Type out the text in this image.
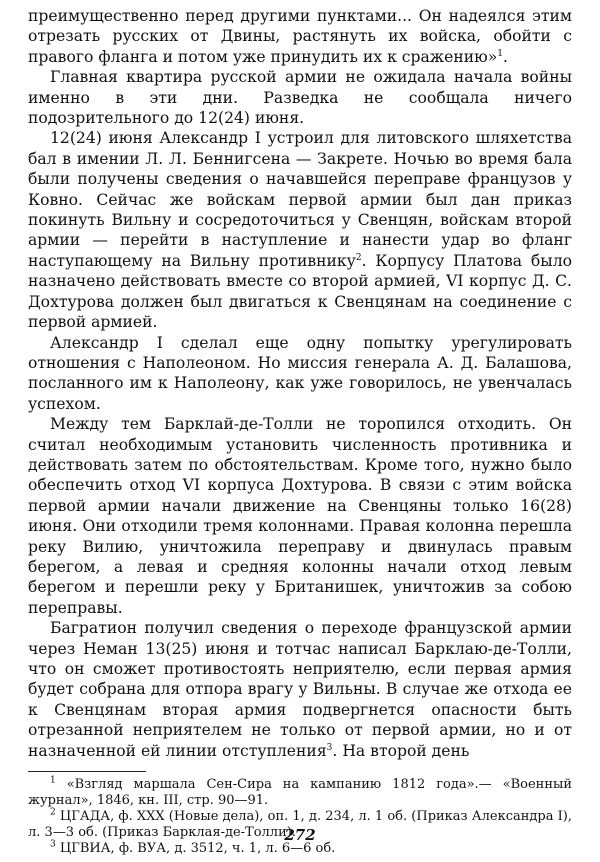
преимущественно перед другими пунктами... Он надеялся этим отрезать русских от Двины, растянуть их войска, обойти с правого фланга и потом уже принудить их к сражению»$^1$.

Главная квартира русской армии не ожидала начала войны именно в эти дни. Разведка не сообщала ничего подозрительного до 12(24) июня.

12(24) июня Александр I устроил для литовского шляхетства бал в имении Л. Л. Беннигсена — Закрете. Ночью во время бала были получены сведения о начавшейся переправе французов у Ковно. Сейчас же войскам первой армии был дан приказ покинуть Вильну и сосредоточиться у Свенцян, войскам второй армии — перейти в наступление и нанести удар во фланг наступающему на Вильну противнику$^2$. Корпусу Платова было назначено действовать вместе со второй армией, VI корпус Д. С. Дохтурова должен был двигаться к Свенцянам на соединение с первой армией.

Александр I сделал еще одну попытку урегулировать отношения с Наполеоном. Но миссия генерала А. Д. Балашова, посланного им к Наполеону, как уже говорилось, не увенчалась успехом.

Между тем Барклай-де-Толли не торопился отходить. Он считал необходимым установить численность противника и действовать затем по обстоятельствам. Кроме того, нужно было обеспечить отход VI корпуса Дохтурова. В связи с этим войска первой армии начали движение на Свенцяны только 16(28) июня. Они отходили тремя колоннами. Правая колонна перешла реку Вилию, уничтожила переправу и двинулась правым берегом, а левая и средняя колонны начали отход левым берегом и перешли реку у Британишек, уничтожив за собою переправы.

Багратион получил сведения о переходе французской армии через Неман 13(25) июня и тотчас написал Барклаю-де-Толли, что он сможет противостоять неприятелю, если первая армия будет собрана для отпора врагу у Вильны. В случае же отхода ее к Свенцянам вторая армия подвергнется опасности быть отрезанной неприятелем не только от первой армии, но и от назначенной ей линии отступления$^3$. На второй день

$^1$ «Взгляд маршала Сен-Сира на кампанию 1812 года».— «Военный журнал», 1846, кн. III, стр. 90—91.

$^2$ ЦГАДА, ф. XXX (Новые дела), оп. 1, д. 234, л. 1 об. (Приказ Александра I), л. 3—3 об. (Приказ Барклая-де-Толли).

$^3$ ЦГВИА, ф. ВУА, д. 3512, ч. 1, л. 6—6 об.

272
